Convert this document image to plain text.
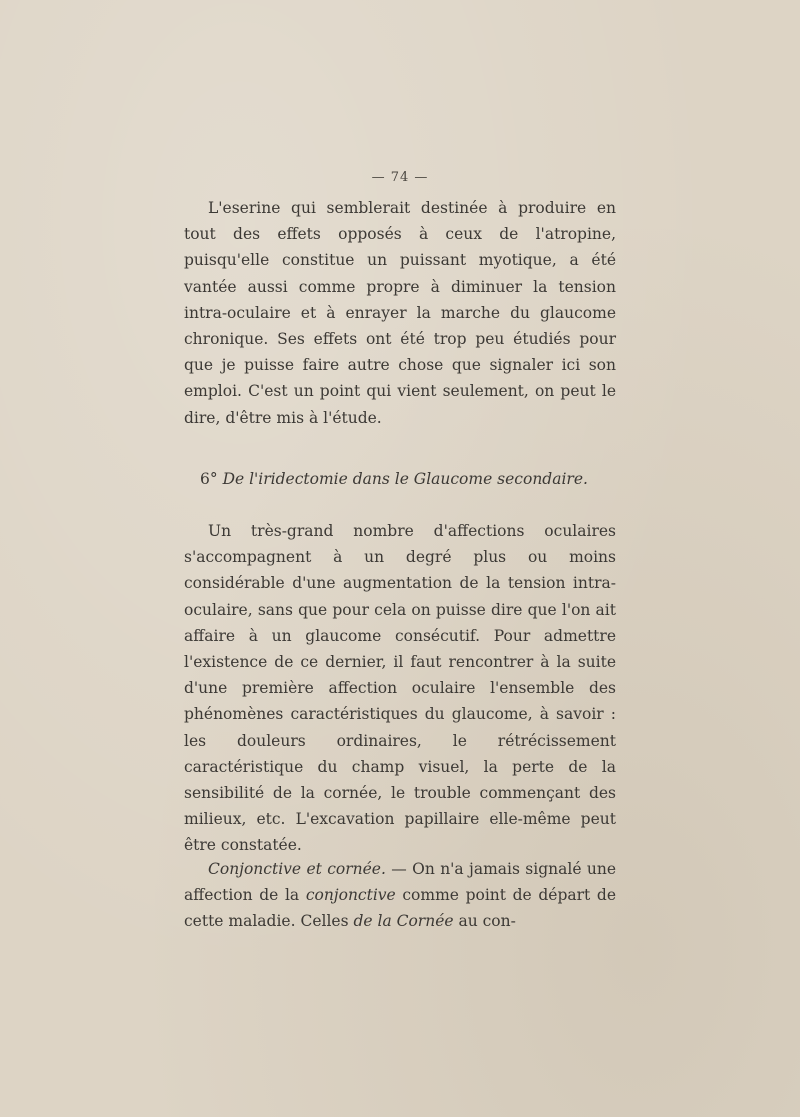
— 74 —

L'eserine qui semblerait destinée à produire en tout des effets opposés à ceux de l'atropine, puisqu'elle constitue un puissant myotique, a été vantée aussi comme propre à diminuer la tension intra-oculaire et à enrayer la marche du glaucome chronique. Ses effets ont été trop peu étudiés pour que je puisse faire autre chose que signaler ici son emploi. C'est un point qui vient seulement, on peut le dire, d'être mis à l'étude.

6° De l'iridectomie dans le Glaucome secondaire.

Un très-grand nombre d'affections oculaires s'accompagnent à un degré plus ou moins considérable d'une augmentation de la tension intra-oculaire, sans que pour cela on puisse dire que l'on ait affaire à un glaucome consécutif. Pour admettre l'existence de ce dernier, il faut rencontrer à la suite d'une première affection oculaire l'ensemble des phénomènes caractéristiques du glaucome, à savoir : les douleurs ordinaires, le rétrécissement caractéristique du champ visuel, la perte de la sensibilité de la cornée, le trouble commençant des milieux, etc. L'excavation papillaire elle-même peut être constatée.

Conjonctive et cornée. — On n'a jamais signalé une affection de la conjonctive comme point de départ de cette maladie. Celles de la Cornée au con-
